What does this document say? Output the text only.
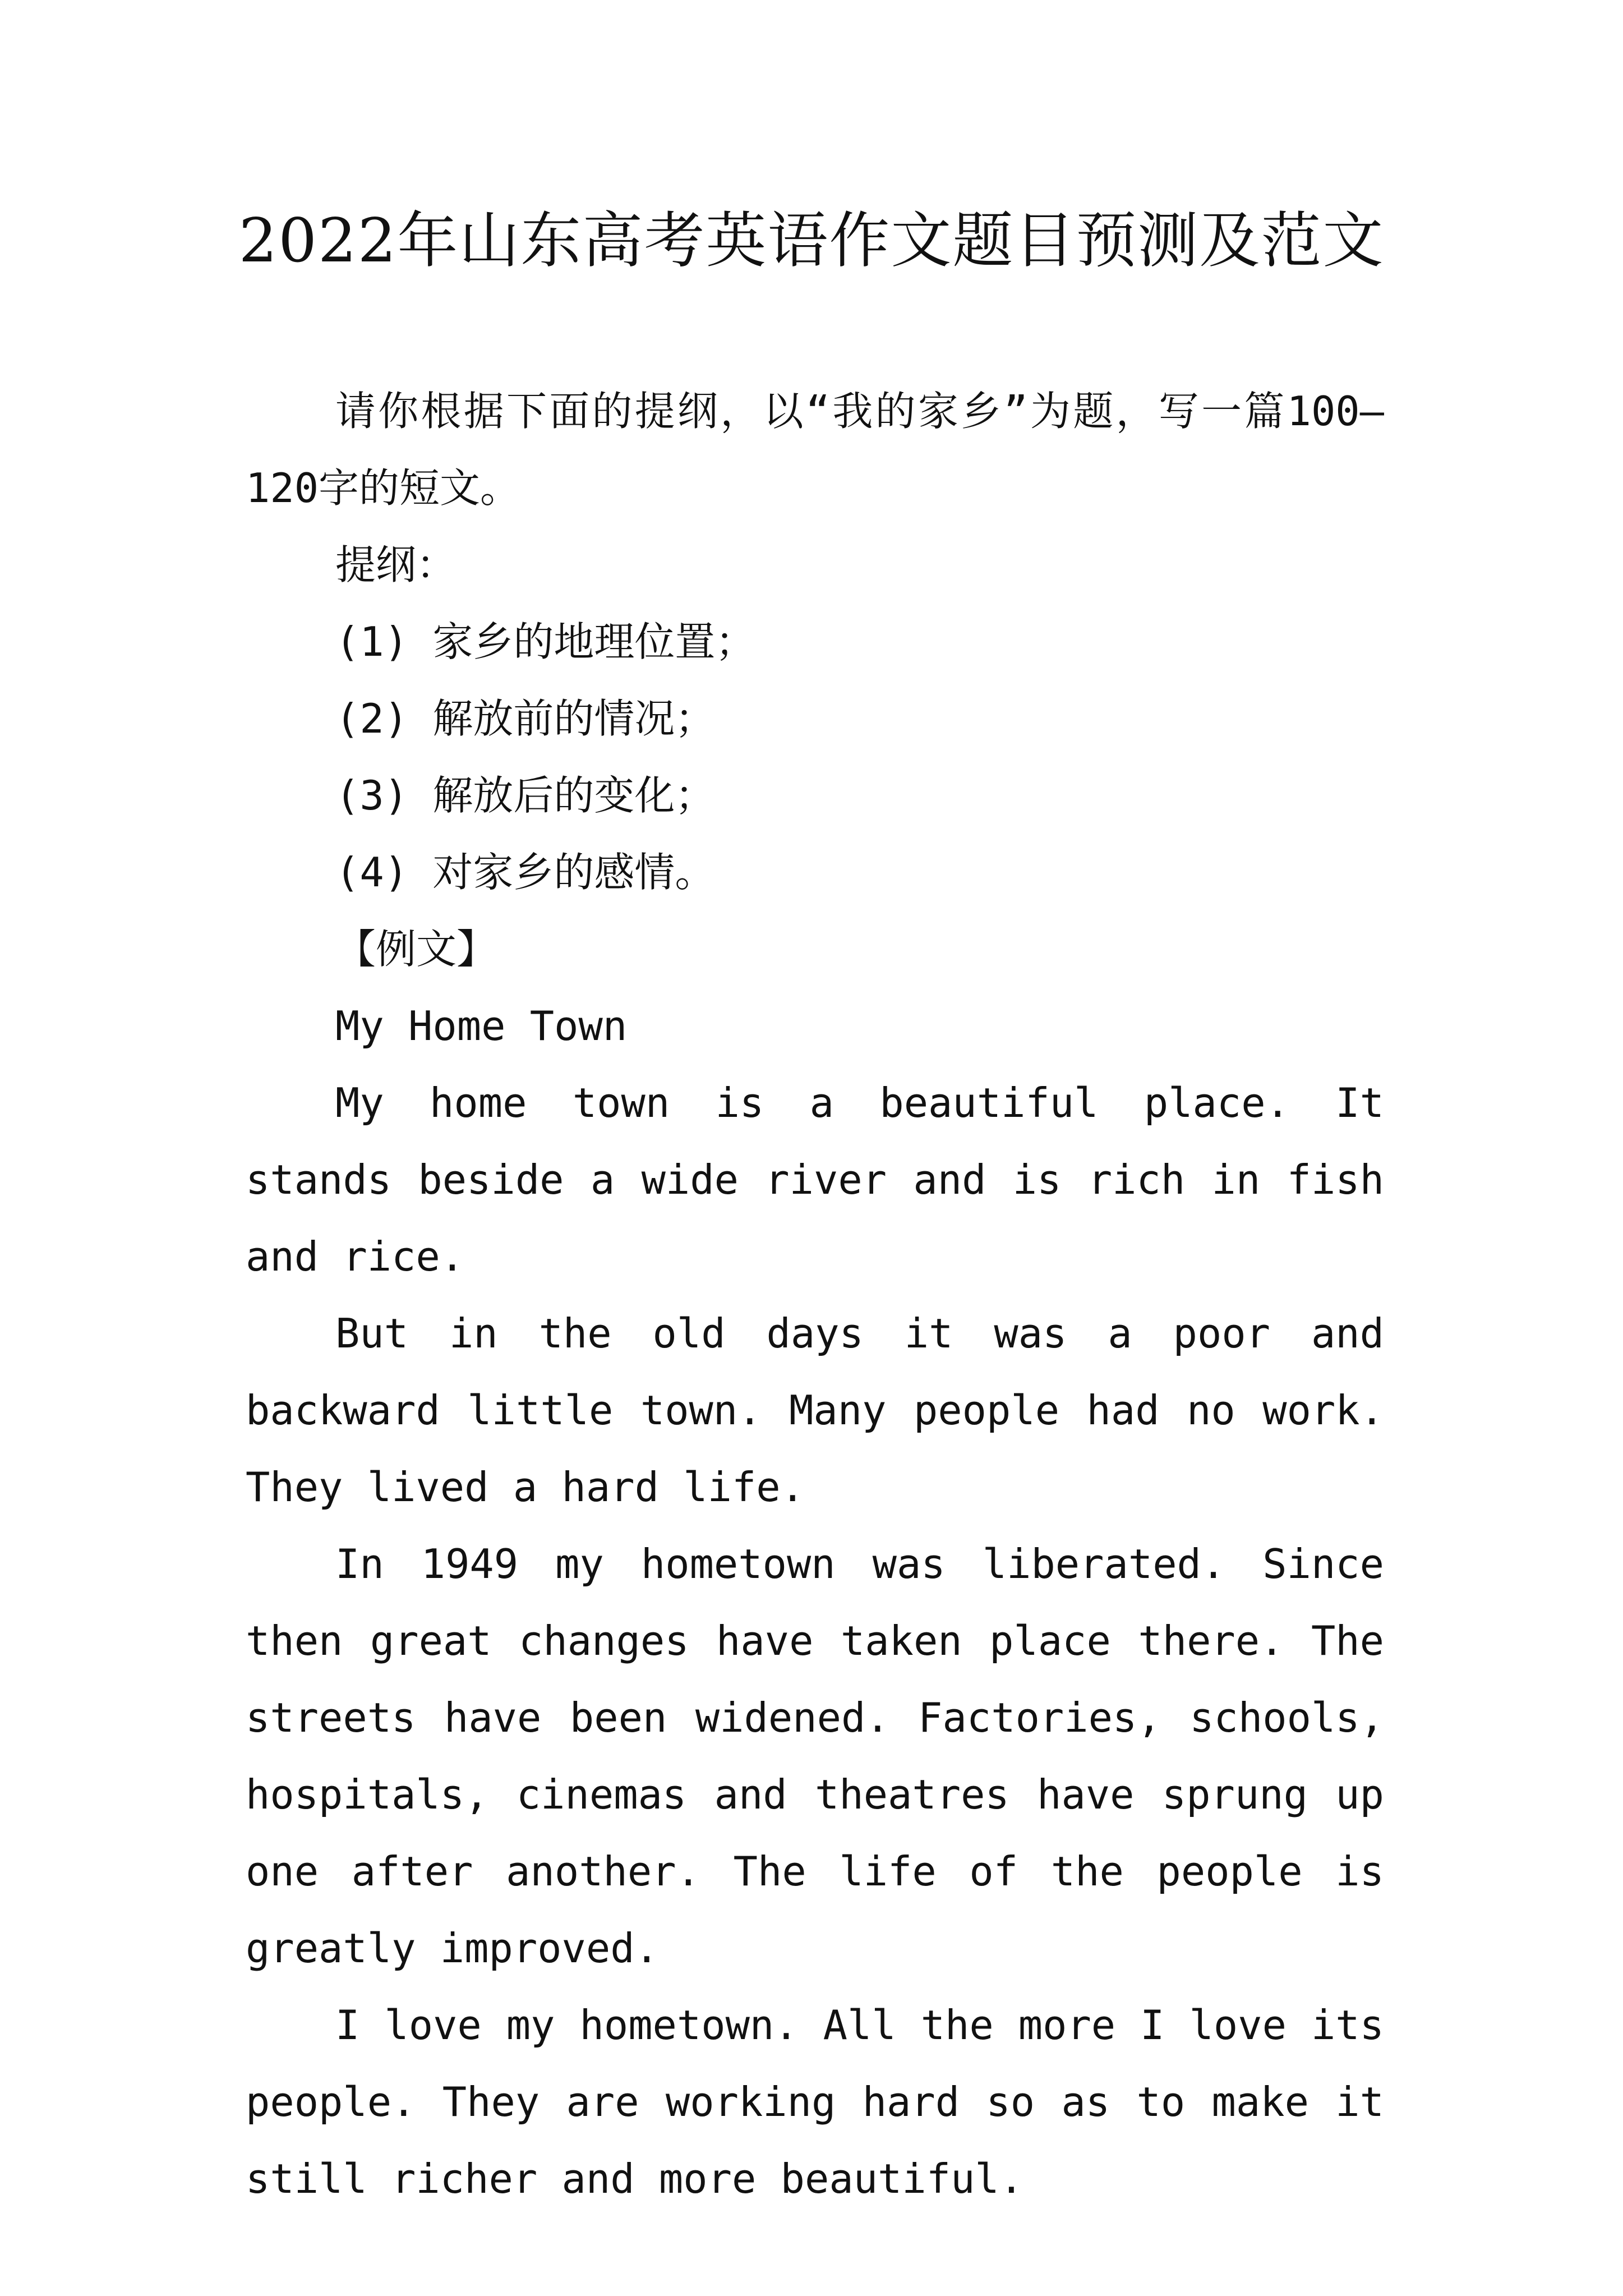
2022年山东高考英语作文题目预测及范文

请你根据下面的提纲，以“我的家乡”为题，写一篇100—120字的短文。

提纲：

(1) 家乡的地理位置；

(2) 解放前的情况；

(3) 解放后的变化；

(4) 对家乡的感情。

【例文】

My Home Town

My home town is a beautiful place. It stands beside a wide river and is rich in fish and rice.

But in the old days it was a poor and backward little town. Many people had no work. They lived a hard life.

In 1949 my hometown was liberated. Since then great changes have taken place there. The streets have been widened. Factories, schools, hospitals, cinemas and theatres have sprung up one after another. The life of the people is greatly improved.

I love my hometown. All the more I love its people. They are working hard so as to make it still richer and more beautiful.
